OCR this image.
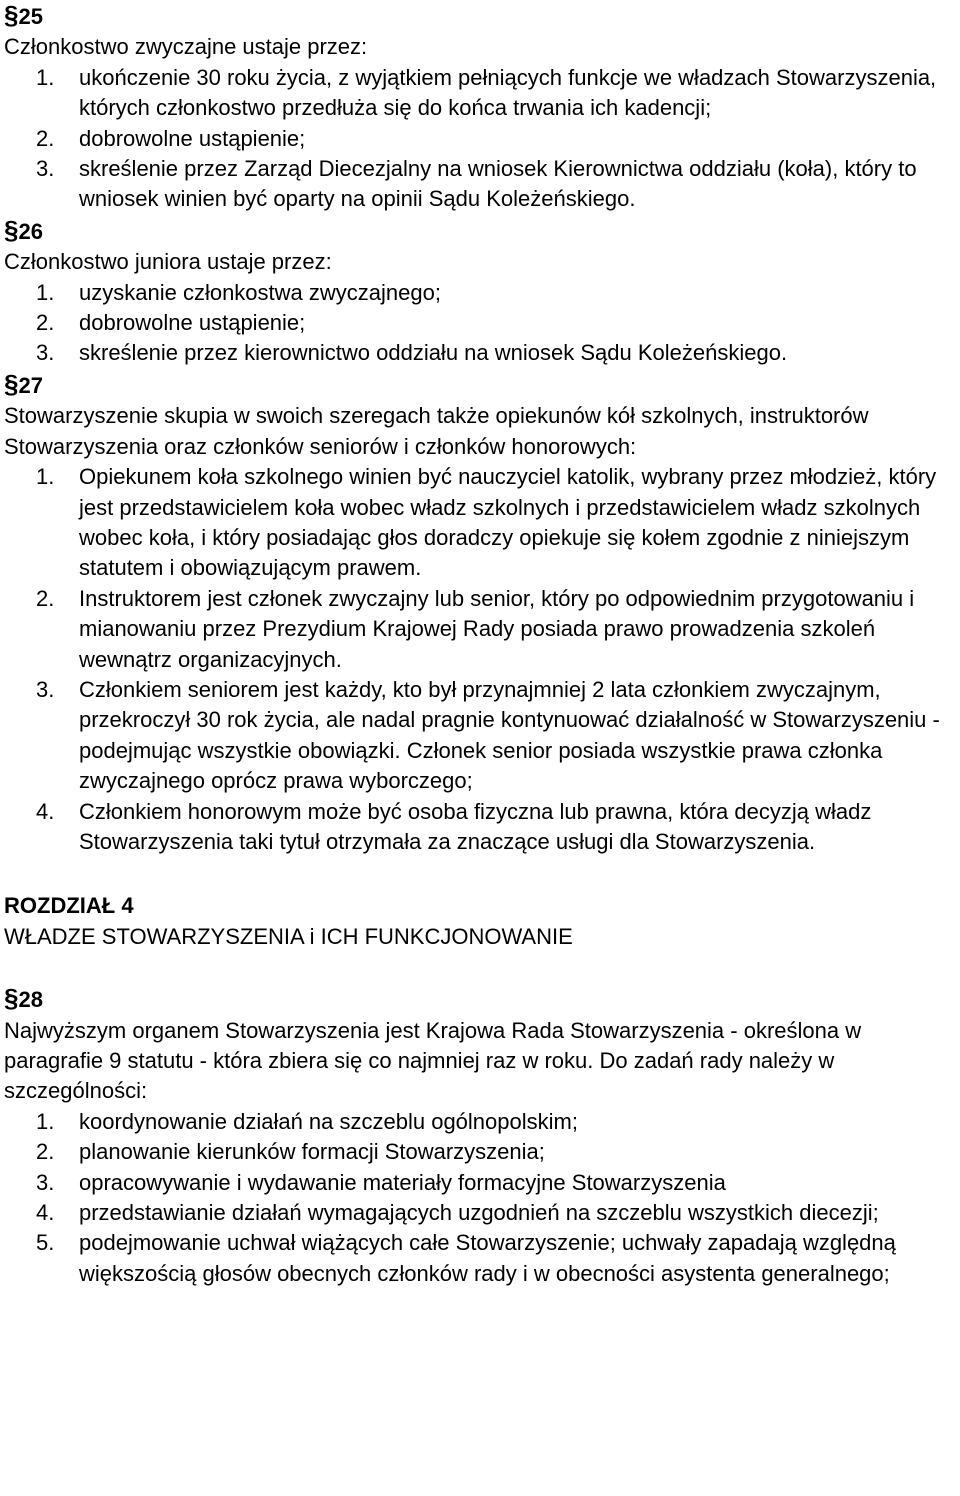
§25

Członkostwo zwyczajne ustaje przez:

1. ukończenie 30 roku życia, z wyjątkiem pełniących funkcje we władzach Stowarzyszenia, których członkostwo przedłuża się do końca trwania ich kadencji;
2. dobrowolne ustąpienie;
3. skreślenie przez Zarząd Diecezjalny na wniosek Kierownictwa oddziału (koła), który to wniosek winien być oparty na opinii Sądu Koleżeńskiego.

§26

Członkostwo juniora ustaje przez:

1. uzyskanie członkostwa zwyczajnego;
2. dobrowolne ustąpienie;
3. skreślenie przez kierownictwo oddziału na wniosek Sądu Koleżeńskiego.

§27

Stowarzyszenie skupia w swoich szeregach także opiekunów kół szkolnych, instruktorów Stowarzyszenia oraz członków seniorów i członków honorowych:

1. Opiekunem koła szkolnego winien być nauczyciel katolik, wybrany przez młodzież, który jest przedstawicielem koła wobec władz szkolnych i przedstawicielem władz szkolnych wobec koła, i który posiadając głos doradczy opiekuje się kołem zgodnie z niniejszym statutem i obowiązującym prawem.
2. Instruktorem jest członek zwyczajny lub senior, który po odpowiednim przygotowaniu i mianowaniu przez Prezydium Krajowej Rady posiada prawo prowadzenia szkoleń wewnątrz organizacyjnych.
3. Członkiem seniorem jest każdy, kto był przynajmniej 2 lata członkiem zwyczajnym, przekroczył 30 rok życia, ale nadal pragnie kontynuować działalność w Stowarzyszeniu - podejmując wszystkie obowiązki. Członek senior posiada wszystkie prawa członka zwyczajnego oprócz prawa wyborczego;
4. Członkiem honorowym może być osoba fizyczna lub prawna, która decyzją władz Stowarzyszenia taki tytuł otrzymała za znaczące usługi dla Stowarzyszenia.

ROZDZIAŁ 4

WŁADZE STOWARZYSZENIA i ICH FUNKCJONOWANIE

§28

Najwyższym organem Stowarzyszenia jest Krajowa Rada Stowarzyszenia - określona w paragrafie 9 statutu - która zbiera się co najmniej raz w roku. Do zadań rady należy w szczególności:

1. koordynowanie działań na szczeblu ogólnopolskim;
2. planowanie kierunków formacji Stowarzyszenia;
3. opracowywanie i wydawanie materiały formacyjne Stowarzyszenia
4. przedstawianie działań wymagających uzgodnień na szczeblu wszystkich diecezji;
5. podejmowanie uchwał wiążących całe Stowarzyszenie; uchwały zapadają względną większością głosów obecnych członków rady i w obecności asystenta generalnego;
